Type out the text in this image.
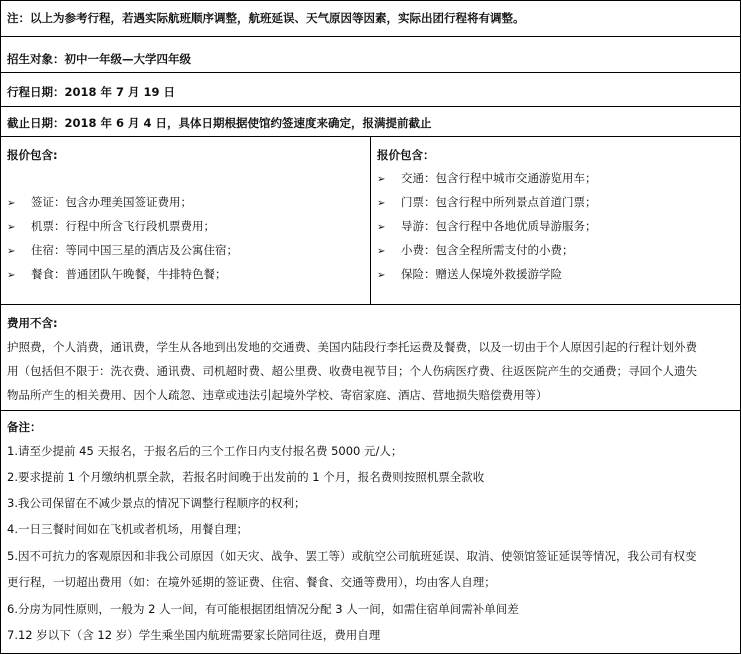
注：以上为参考行程，若遇实际航班顺序调整，航班延误、天气原因等因素，实际出团行程将有调整。
招生对象：初中一年级—大学四年级
行程日期：2018 年 7 月 19 日
截止日期：2018 年 6 月 4 日，具体日期根据使馆约签速度来确定，报满提前截止
报价包含:
➢ 签证：包含办理美国签证费用；
➢ 机票：行程中所含飞行段机票费用；
➢ 住宿：等同中国三星的酒店及公寓住宿；
➢ 餐食：普通团队午晚餐，牛排特色餐；
报价包含：
➢ 交通：包含行程中城市交通游览用车；
➢ 门票：包含行程中所列景点首道门票；
➢ 导游：包含行程中各地优质导游服务；
➢ 小费：包含全程所需支付的小费；
➢ 保险：赠送人保境外救援游学险
费用不含:
护照费，个人消费，通讯费，学生从各地到出发地的交通费、美国内陆段行李托运费及餐费，以及一切由于个人原因引起的行程计划外费
用（包括但不限于：洗衣费、通讯费、司机超时费、超公里费、收费电视节目；个人伤病医疗费、往返医院产生的交通费；寻回个人遗失
物品所产生的相关费用、因个人疏忽、违章或违法引起境外学校、寄宿家庭、酒店、营地损失赔偿费用等）
备注：
1.请至少提前 45 天报名，于报名后的三个工作日内支付报名费 5000 元/人；
2.要求提前 1 个月缴纳机票全款，若报名时间晚于出发前的 1 个月，报名费则按照机票全款收
3.我公司保留在不减少景点的情况下调整行程顺序的权利；
4.一日三餐时间如在飞机或者机场，用餐自理；
5.因不可抗力的客观原因和非我公司原因（如天灾、战争、罢工等）或航空公司航班延误、取消、使领馆签证延误等情况，我公司有权变
更行程，一切超出费用（如：在境外延期的签证费、住宿、餐食、交通等费用），均由客人自理；
6.分房为同性原则，一般为 2 人一间，有可能根据团组情况分配 3 人一间，如需住宿单间需补单间差
7.12 岁以下（含 12 岁）学生乘坐国内航班需要家长陪同往返，费用自理
